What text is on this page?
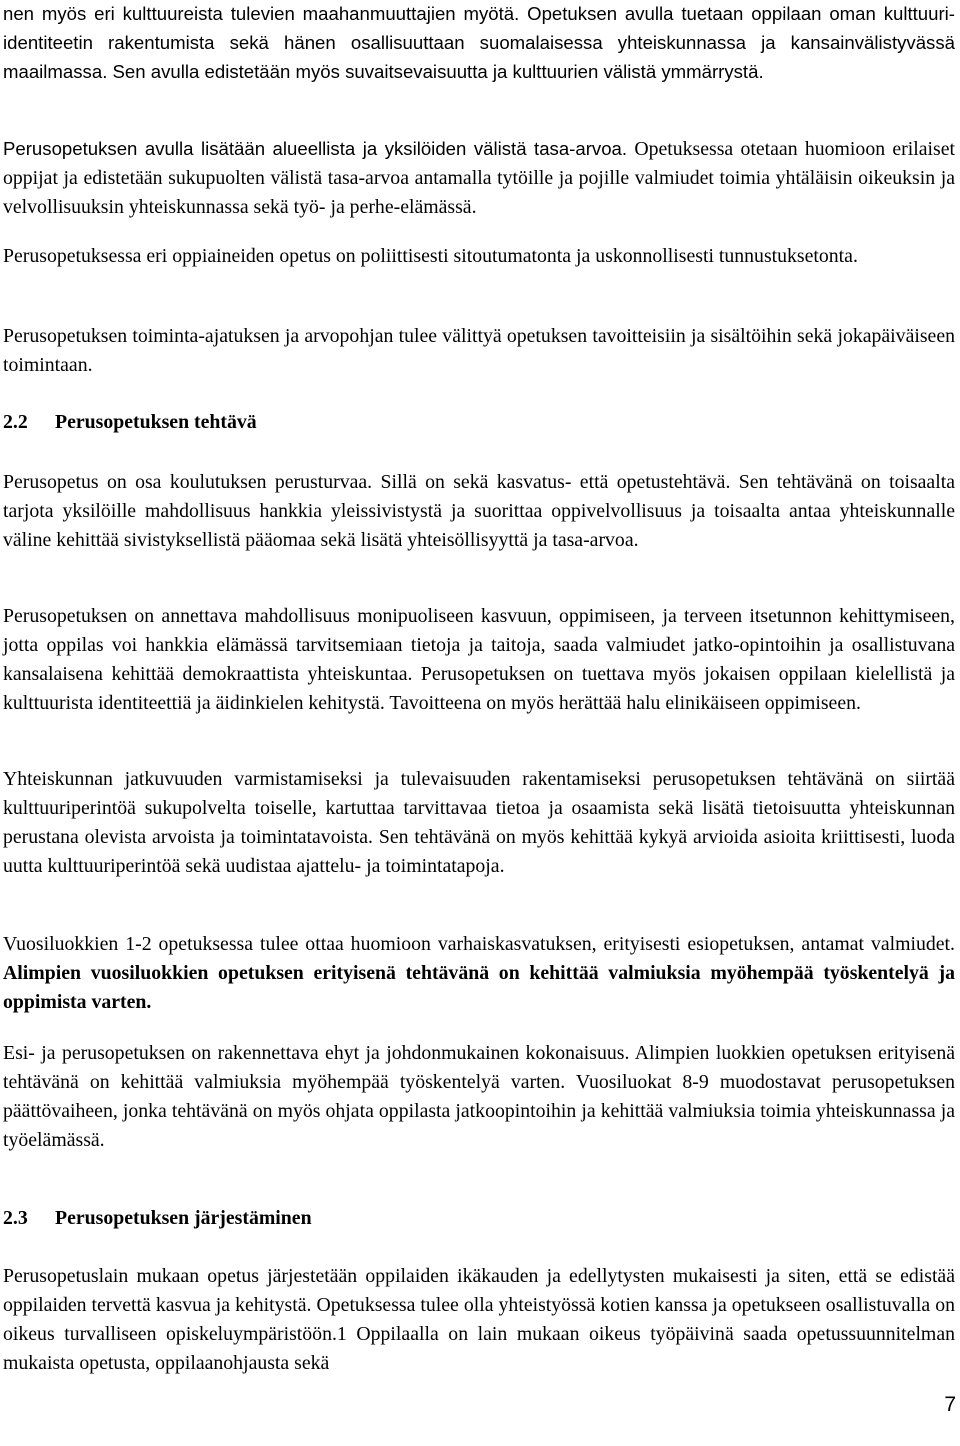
nen myös eri kulttuureista tulevien maahanmuuttajien myötä. Opetuksen avulla tuetaan oppilaan oman kulttuuri-identiteetin rakentumista sekä hänen osallisuuttaan suomalaisessa yhteiskunnassa ja kansainvälistyvässä maailmassa. Sen avulla edistetään myös suvaitsevaisuutta ja kulttuurien välistä ymmärrystä.

Perusopetuksen avulla lisätään alueellista ja yksilöiden välistä tasa-arvoa. Opetuksessa otetaan huomioon erilaiset oppijat ja edistetään sukupuolten välistä tasa-arvoa antamalla tytöille ja pojille valmiudet toimia yhtäläisin oikeuksin ja velvollisuuksin yhteiskunnassa sekä työ- ja perhe-elämässä.

Perusopetuksessa eri oppiaineiden opetus on poliittisesti sitoutumatonta ja uskonnollisesti tunnustuksetonta.

Perusopetuksen toiminta-ajatuksen ja arvopohjan tulee välittyä opetuksen tavoitteisiin ja sisältöihin sekä jokapäiväiseen toimintaan.

2.2 Perusopetuksen tehtävä

Perusopetus on osa koulutuksen perusturvaa. Sillä on sekä kasvatus- että opetustehtävä. Sen tehtävänä on toisaalta tarjota yksilöille mahdollisuus hankkia yleissivistystä ja suorittaa oppivelvollisuus ja toisaalta antaa yhteiskunnalle väline kehittää sivistyksellistä pääomaa sekä lisätä yhteisöllisyyttä ja tasa-arvoa.

Perusopetuksen on annettava mahdollisuus monipuoliseen kasvuun, oppimiseen, ja terveen itsetunnon kehittymiseen, jotta oppilas voi hankkia elämässä tarvitsemiaan tietoja ja taitoja, saada valmiudet jatko-opintoihin ja osallistuvana kansalaisena kehittää demokraattista yhteiskuntaa. Perusopetuksen on tuettava myös jokaisen oppilaan kielellistä ja kulttuurista identiteettiä ja äidinkielen kehitystä. Tavoitteena on myös herättää halu elinikäiseen oppimiseen.

Yhteiskunnan jatkuvuuden varmistamiseksi ja tulevaisuuden rakentamiseksi perusopetuksen tehtävänä on siirtää kulttuuriperintöä sukupolvelta toiselle, kartuttaa tarvittavaa tietoa ja osaamista sekä lisätä tietoisuutta yhteiskunnan perustana olevista arvoista ja toimintatavoista. Sen tehtävänä on myös kehittää kykyä arvioida asioita kriittisesti, luoda uutta kulttuuriperintöä sekä uudistaa ajattelu- ja toimintatapoja.

Vuosiluokkien 1-2 opetuksessa tulee ottaa huomioon varhaiskasvatuksen, erityisesti esiopetuksen, antamat valmiudet. Alimpien vuosiluokkien opetuksen erityisenä tehtävänä on kehittää valmiuksia myöhempää työskentelyä ja oppimista varten.

Esi- ja perusopetuksen on rakennettava ehyt ja johdonmukainen kokonaisuus. Alimpien luokkien opetuksen erityisenä tehtävänä on kehittää valmiuksia myöhempää työskentelyä varten. Vuosiluokat 8-9 muodostavat perusopetuksen päättövaiheen, jonka tehtävänä on myös ohjata oppilasta jatkoopintoihin ja kehittää valmiuksia toimia yhteiskunnassa ja työelämässä.

2.3 Perusopetuksen järjestäminen

Perusopetuslain mukaan opetus järjestetään oppilaiden ikäkauden ja edellytysten mukaisesti ja siten, että se edistää oppilaiden tervettä kasvua ja kehitystä. Opetuksessa tulee olla yhteistyössä kotien kanssa ja opetukseen osallistuvalla on oikeus turvalliseen opiskeluympäristöön.1 Oppilaalla on lain mukaan oikeus työpäivinä saada opetussuunnitelman mukaista opetusta, oppilaanohjausta sekä

7
